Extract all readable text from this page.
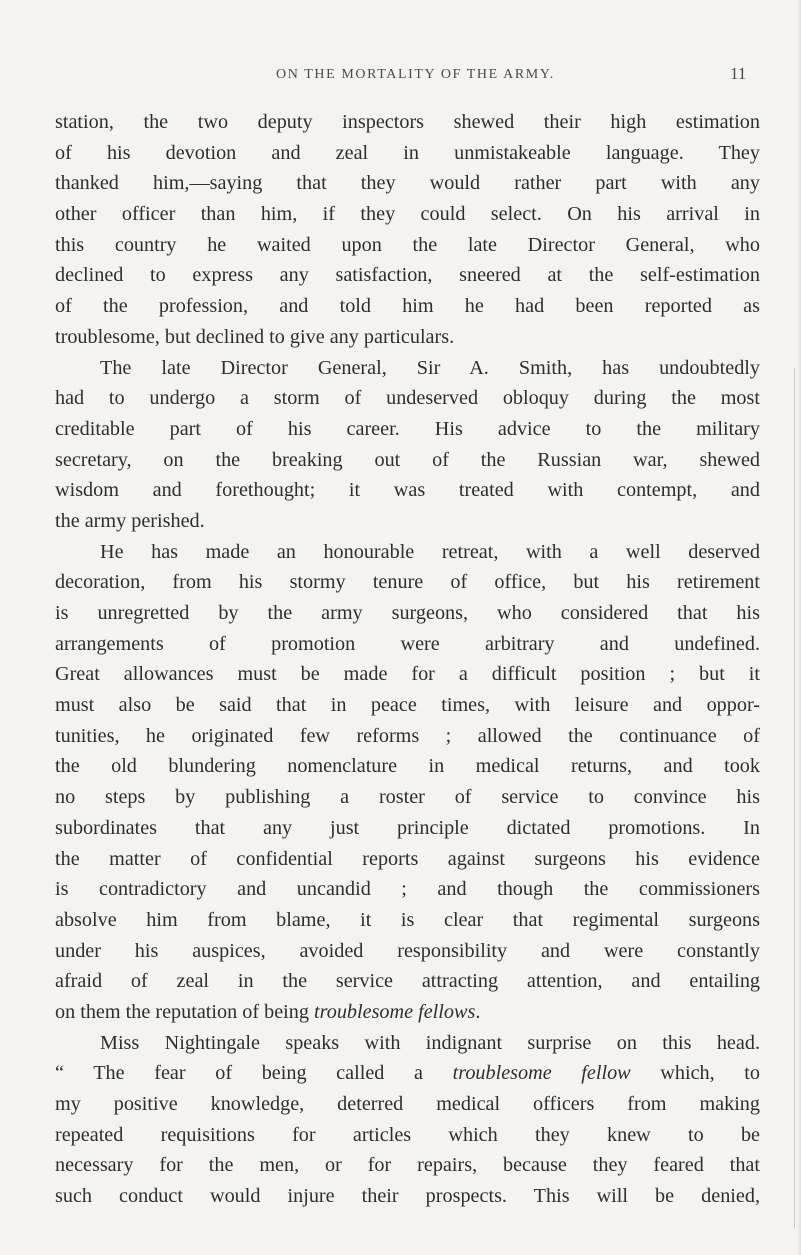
ON THE MORTALITY OF THE ARMY.	11
station, the two deputy inspectors shewed their high estimation
of his devotion and zeal in unmistakeable language. They
thanked him,—saying that they would rather part with any
other officer than him, if they could select. On his arrival in
this country he waited upon the late Director General, who
declined to express any satisfaction, sneered at the self-estimation
of the profession, and told him he had been reported as
troublesome, but declined to give any particulars.
The late Director General, Sir A. Smith, has undoubtedly
had to undergo a storm of undeserved obloquy during the most
creditable part of his career. His advice to the military
secretary, on the breaking out of the Russian war, shewed
wisdom and forethought; it was treated with contempt, and
the army perished.
He has made an honourable retreat, with a well deserved
decoration, from his stormy tenure of office, but his retirement
is unregretted by the army surgeons, who considered that his
arrangements of promotion were arbitrary and undefined.
Great allowances must be made for a difficult position ; but it
must also be said that in peace times, with leisure and oppor-
tunities, he originated few reforms ; allowed the continuance of
the old blundering nomenclature in medical returns, and took
no steps by publishing a roster of service to convince his
subordinates that any just principle dictated promotions. In
the matter of confidential reports against surgeons his evidence
is contradictory and uncandid ; and though the commissioners
absolve him from blame, it is clear that regimental surgeons
under his auspices, avoided responsibility and were constantly
afraid of zeal in the service attracting attention, and entailing
on them the reputation of being troublesome fellows.
Miss Nightingale speaks with indignant surprise on this head.
“ The fear of being called a troublesome fellow which, to
my positive knowledge, deterred medical officers from making
repeated requisitions for articles which they knew to be
necessary for the men, or for repairs, because they feared that
such conduct would injure their prospects. This will be denied,
